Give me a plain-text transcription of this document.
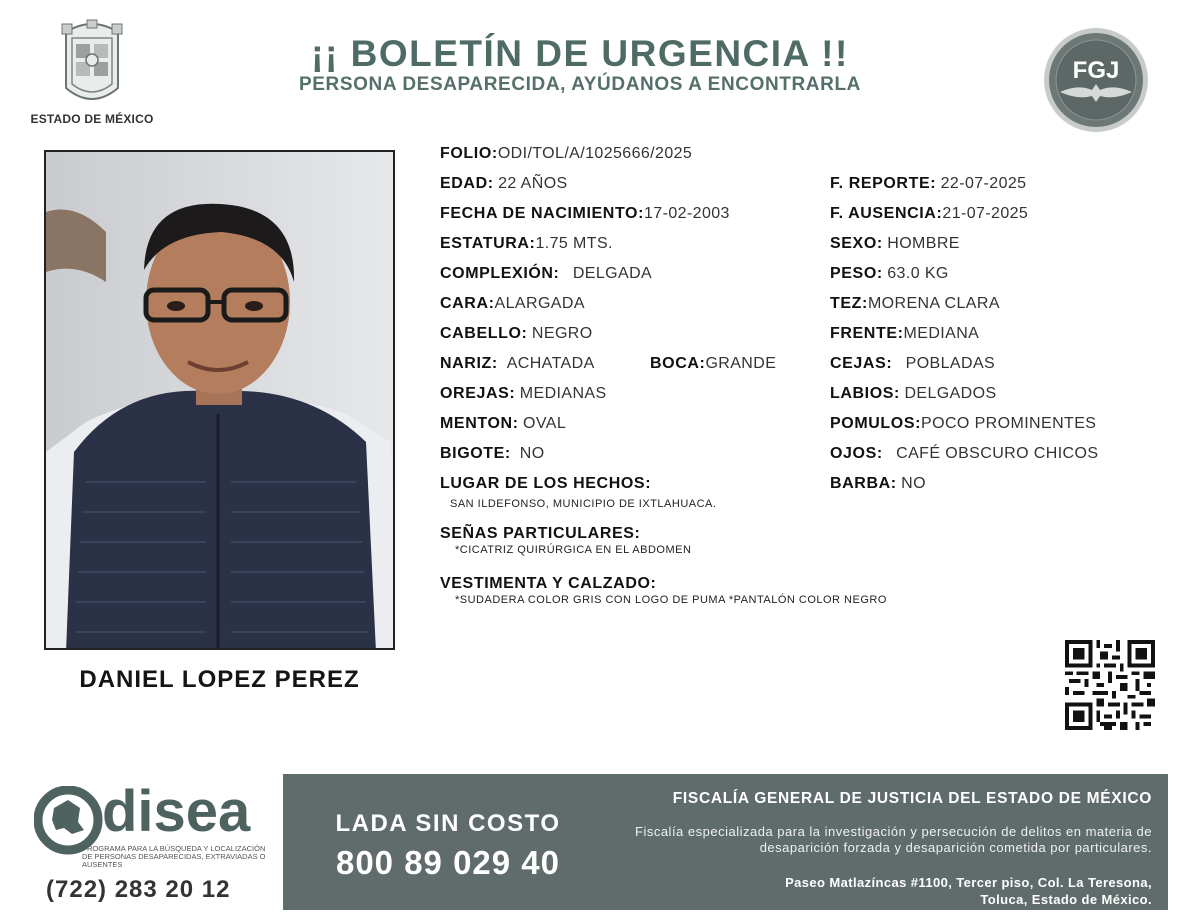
ESTADO DE MÉXICO
¡¡ BOLETÍN DE URGENCIA !!
PERSONA DESAPARECIDA, AYÚDANOS A ENCONTRARLA
FGJ
DANIEL LOPEZ PEREZ
FOLIO:ODI/TOL/A/1025666/2025
EDAD: 22 AÑOS
FECHA DE NACIMIENTO:17-02-2003
ESTATURA:1.75 MTS.
COMPLEXIÓN: DELGADA
CARA:ALARGADA
CABELLO: NEGRO
NARIZ: ACHATADA	BOCA:GRANDE
OREJAS: MEDIANAS
MENTON: OVAL
BIGOTE: NO
LUGAR DE LOS HECHOS:
SAN ILDEFONSO, MUNICIPIO DE IXTLAHUACA.
SEÑAS PARTICULARES:
*CICATRIZ QUIRÚRGICA EN EL ABDOMEN
VESTIMENTA Y CALZADO:
*SUDADERA COLOR GRIS CON LOGO DE PUMA *PANTALÓN COLOR NEGRO
F. REPORTE: 22-07-2025
F. AUSENCIA:21-07-2025
SEXO: HOMBRE
PESO: 63.0 KG
TEZ:MORENA CLARA
FRENTE:MEDIANA
CEJAS: POBLADAS
LABIOS: DELGADOS
POMULOS:POCO PROMINENTES
OJOS: CAFÉ OBSCURO CHICOS
BARBA: NO
disea
PROGRAMA PARA LA BÚSQUEDA Y LOCALIZACIÓN DE PERSONAS DESAPARECIDAS, EXTRAVIADAS O AUSENTES
(722) 283 20 12
LADA SIN COSTO
800 89 029 40
FISCALÍA GENERAL DE JUSTICIA DEL ESTADO DE MÉXICO
Fiscalía especializada para la investigación y persecución de delitos en materia de desaparición forzada y desaparición cometida por particulares.
Paseo Matlazíncas #1100, Tercer piso, Col. La Teresona,
Toluca, Estado de México.
